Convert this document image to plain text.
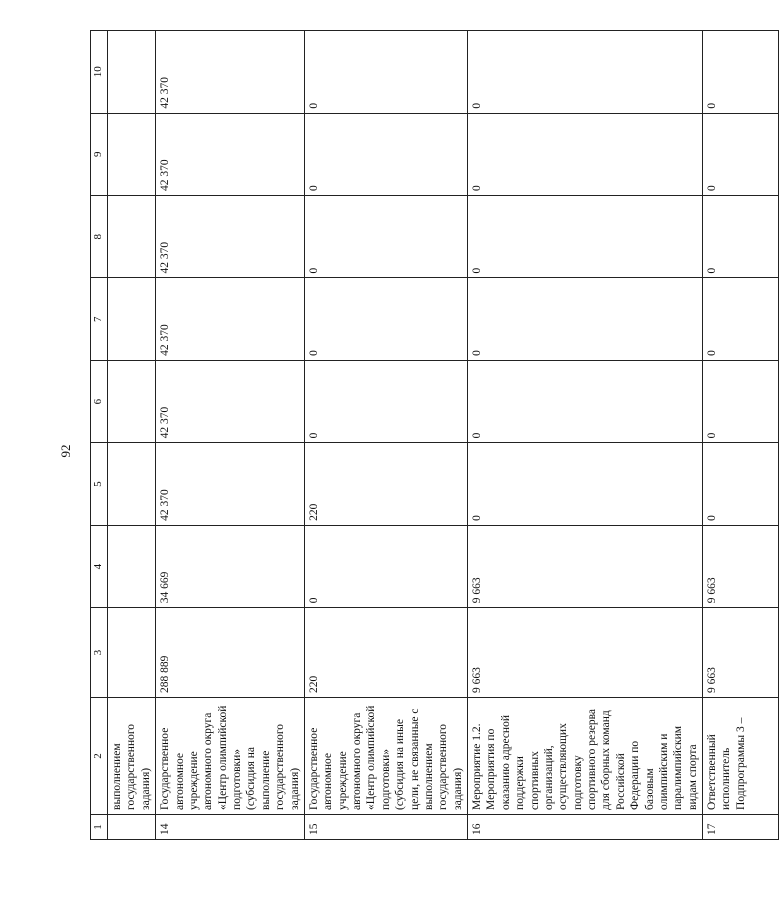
92
1	2	3	4	5	6	7	8	9	10
	выполнением государственного задания)								
14	Государственное автономное учреждение автономного округа «Центр олимпийской подготовки» (субсидия на выполнение государственного задания)	288 889	34 669	42 370	42 370	42 370	42 370	42 370	42 370
15	Государственное автономное учреждение автономного округа «Центр олимпийской подготовки» (субсидия на иные цели, не связанные с выполнением государственного задания)	220	0	220	0	0	0	0	0
16	Мероприятие 1.2. Мероприятия по оказанию адресной поддержки спортивных организаций, осуществляющих подготовку спортивного резерва для сборных команд Российской Федерации по базовым олимпийским и паралимпийским видам спорта	9 663	9 663	0	0	0	0	0	0
17	Ответственный исполнитель Подпрограммы 3 –	9 663	9 663	0	0	0	0	0	0
